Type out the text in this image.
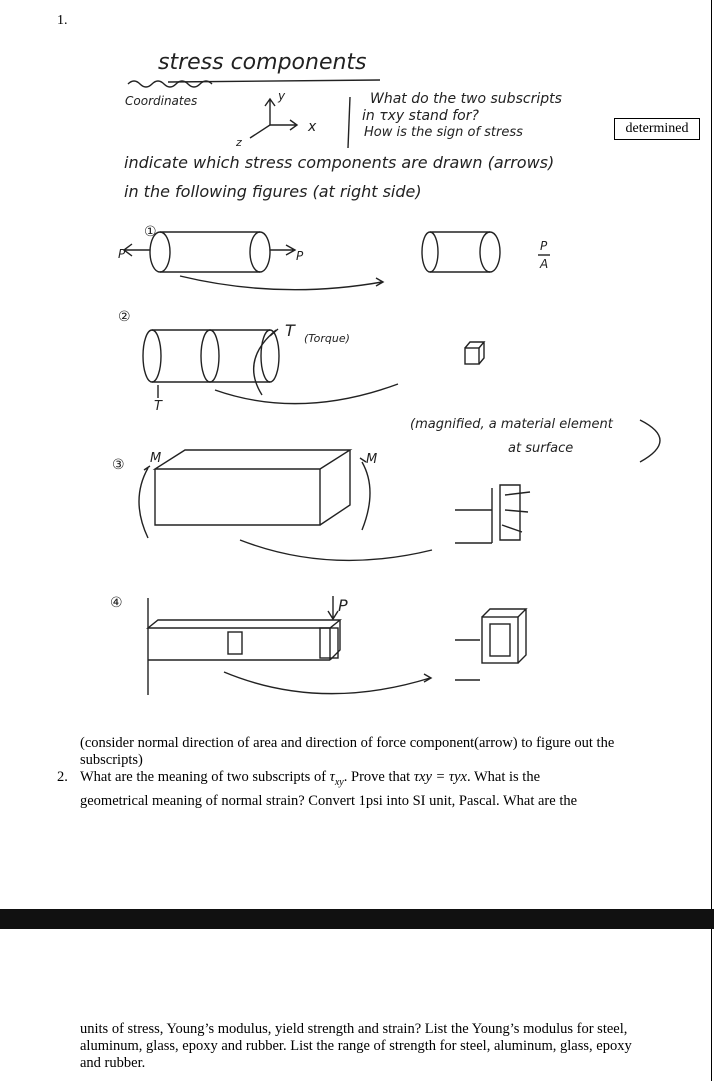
1.
stress components
Coordinates	y
x
z
What do the two subscripts
in τxy stand for?
How is the sign of stress
indicate which stress components are drawn (arrows)
in the following figures (at right side)
①
P	P
P
A
②
T (Torque)
T
(magnified, a material element
at surface
③ M	M
④	P
determined
(consider normal direction of area and direction of force component(arrow) to figure out the subscripts)
2. What are the meaning of two subscripts of $\tau_{xy}$. Prove that τxy = τyx. What is the
geometrical meaning of normal strain? Convert 1psi into SI unit, Pascal. What are the
units of stress, Young’s modulus, yield strength and strain? List the Young’s modulus for steel, aluminum, glass, epoxy and rubber. List the range of strength for steel, aluminum, glass, epoxy and rubber.
